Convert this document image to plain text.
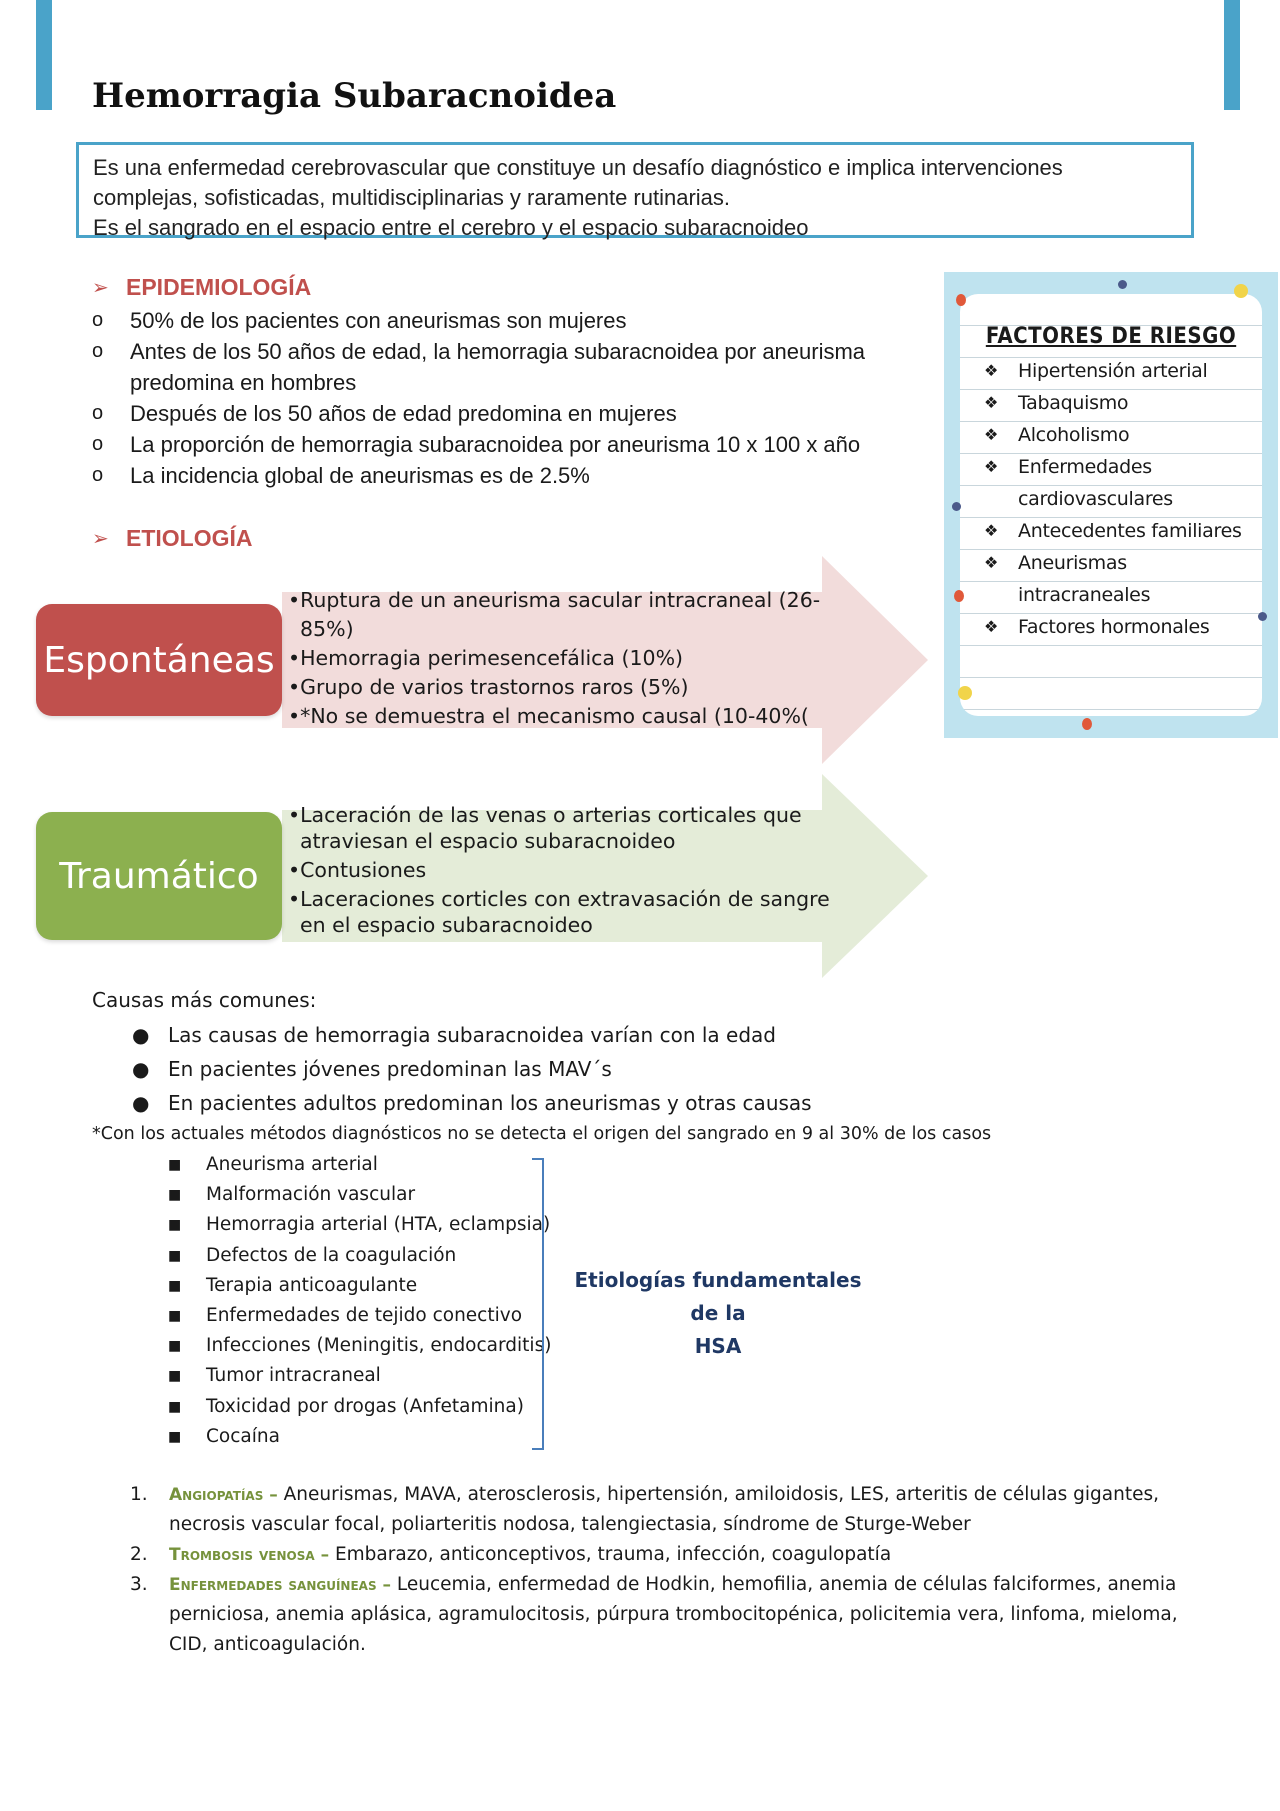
Hemorragia Subaracnoidea
Es una enfermedad cerebrovascular que constituye un desafío diagnóstico e implica intervenciones
complejas, sofisticadas, multidisciplinarias y raramente rutinarias.
Es el sangrado en el espacio entre el cerebro y el espacio subaracnoideo
➢ EPIDEMIOLOGÍA
o 50% de los pacientes con aneurismas son mujeres
o Antes de los 50 años de edad, la hemorragia subaracnoidea por aneurisma predomina en hombres
o Después de los 50 años de edad predomina en mujeres
o La proporción de hemorragia subaracnoidea por aneurisma 10 x 100 x año
o La incidencia global de aneurismas es de 2.5%
FACTORES DE RIESGO
❖ Hipertensión arterial
❖ Tabaquismo
❖ Alcoholismo
❖ Enfermedades cardiovasculares
❖ Antecedentes familiares
❖ Aneurismas intracraneales
❖ Factores hormonales
➢ ETIOLOGÍA
Espontáneas
•Ruptura de un aneurisma sacular intracraneal (26-85%)
•Hemorragia perimesencefálica (10%)
•Grupo de varios trastornos raros (5%)
•*No se demuestra el mecanismo causal (10-40%(
Traumático
•Laceración de las venas o arterias corticales que atraviesan el espacio subaracnoideo
•Contusiones
•Laceraciones corticles con extravasación de sangre en el espacio subaracnoideo
Causas más comunes:
● Las causas de hemorragia subaracnoidea varían con la edad
● En pacientes jóvenes predominan las MAV´s
● En pacientes adultos predominan los aneurismas y otras causas
*Con los actuales métodos diagnósticos no se detecta el origen del sangrado en 9 al 30% de los casos
■ Aneurisma arterial
■ Malformación vascular
■ Hemorragia arterial (HTA, eclampsia)
■ Defectos de la coagulación
■ Terapia anticoagulante
■ Enfermedades de tejido conectivo
■ Infecciones (Meningitis, endocarditis)
■ Tumor intracraneal
■ Toxicidad por drogas (Anfetamina)
■ Cocaína
Etiologías fundamentales de la
HSA
1. Angiopatías – Aneurismas, MAVA, aterosclerosis, hipertensión, amiloidosis, LES, arteritis de células gigantes, necrosis vascular focal, poliarteritis nodosa, talengiectasia, síndrome de Sturge-Weber
2. Trombosis venosa – Embarazo, anticonceptivos, trauma, infección, coagulopatía
3. Enfermedades sanguíneas – Leucemia, enfermedad de Hodkin, hemofilia, anemia de células falciformes, anemia perniciosa, anemia aplásica, agramulocitosis, púrpura trombocitopénica, policitemia vera, linfoma, mieloma, CID, anticoagulación.
